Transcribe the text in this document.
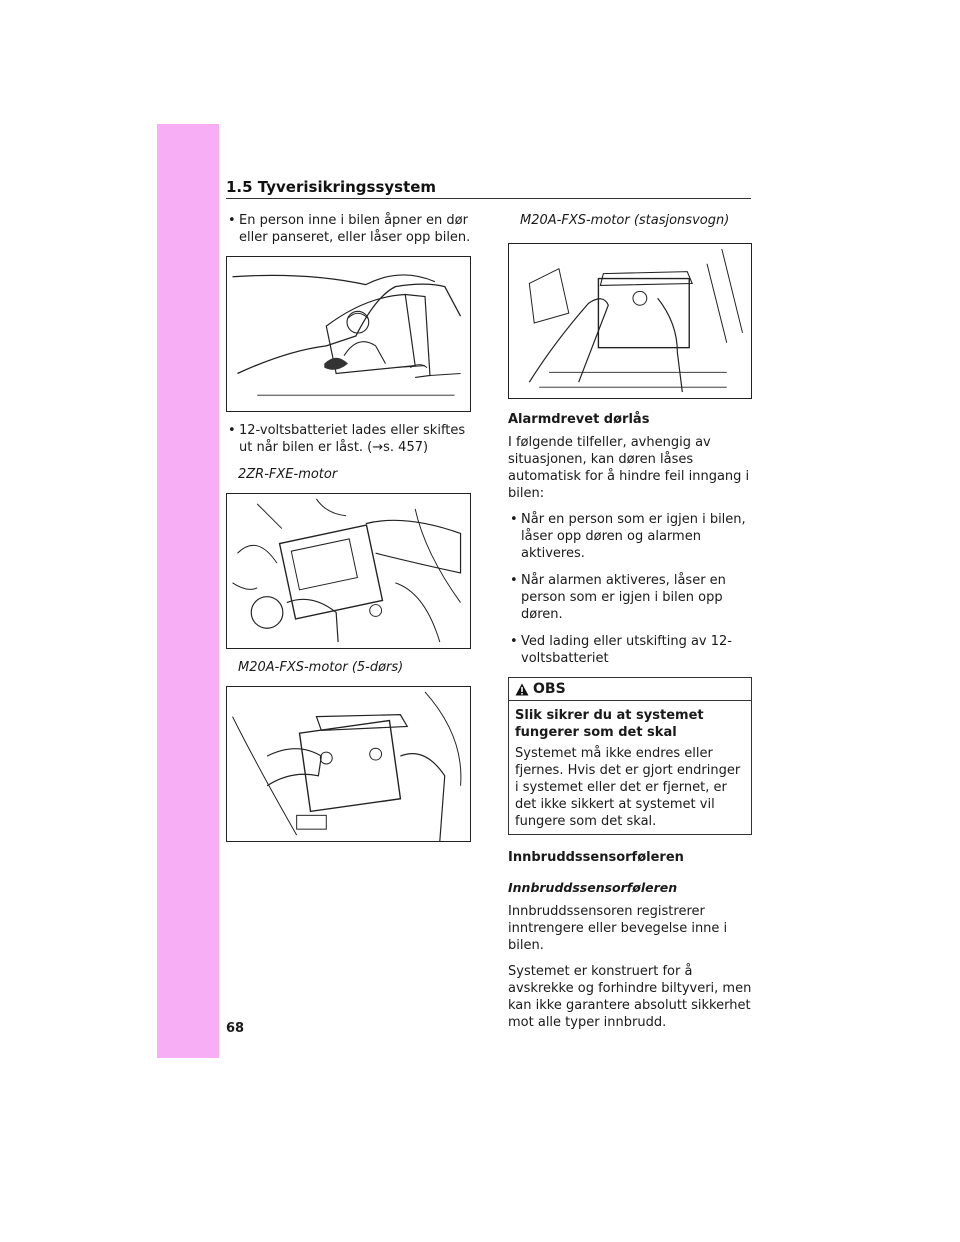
1.5 Tyverisikringssystem

• En person inne i bilen åpner en dør eller panseret, eller låser opp bilen.

• 12-voltsbatteriet lades eller skiftes ut når bilen er låst. (→s. 457)

2ZR-FXE-motor

M20A-FXS-motor (5-dørs)

M20A-FXS-motor (stasjonsvogn)

Alarmdrevet dørlås

I følgende tilfeller, avhengig av situasjonen, kan døren låses automatisk for å hindre feil inngang i bilen:

• Når en person som er igjen i bilen, låser opp døren og alarmen aktiveres.

• Når alarmen aktiveres, låser en person som er igjen i bilen opp døren.

• Ved lading eller utskifting av 12-voltsbatteriet

OBS

Slik sikrer du at systemet fungerer som det skal

Systemet må ikke endres eller fjernes. Hvis det er gjort endringer i systemet eller det er fjernet, er det ikke sikkert at systemet vil fungere som det skal.

Innbruddssensorføleren

Innbruddssensorføleren

Innbruddssensoren registrerer inntrengere eller bevegelse inne i bilen.

Systemet er konstruert for å avskrekke og forhindre biltyveri, men kan ikke garantere absolutt sikkerhet mot alle typer innbrudd.

68
